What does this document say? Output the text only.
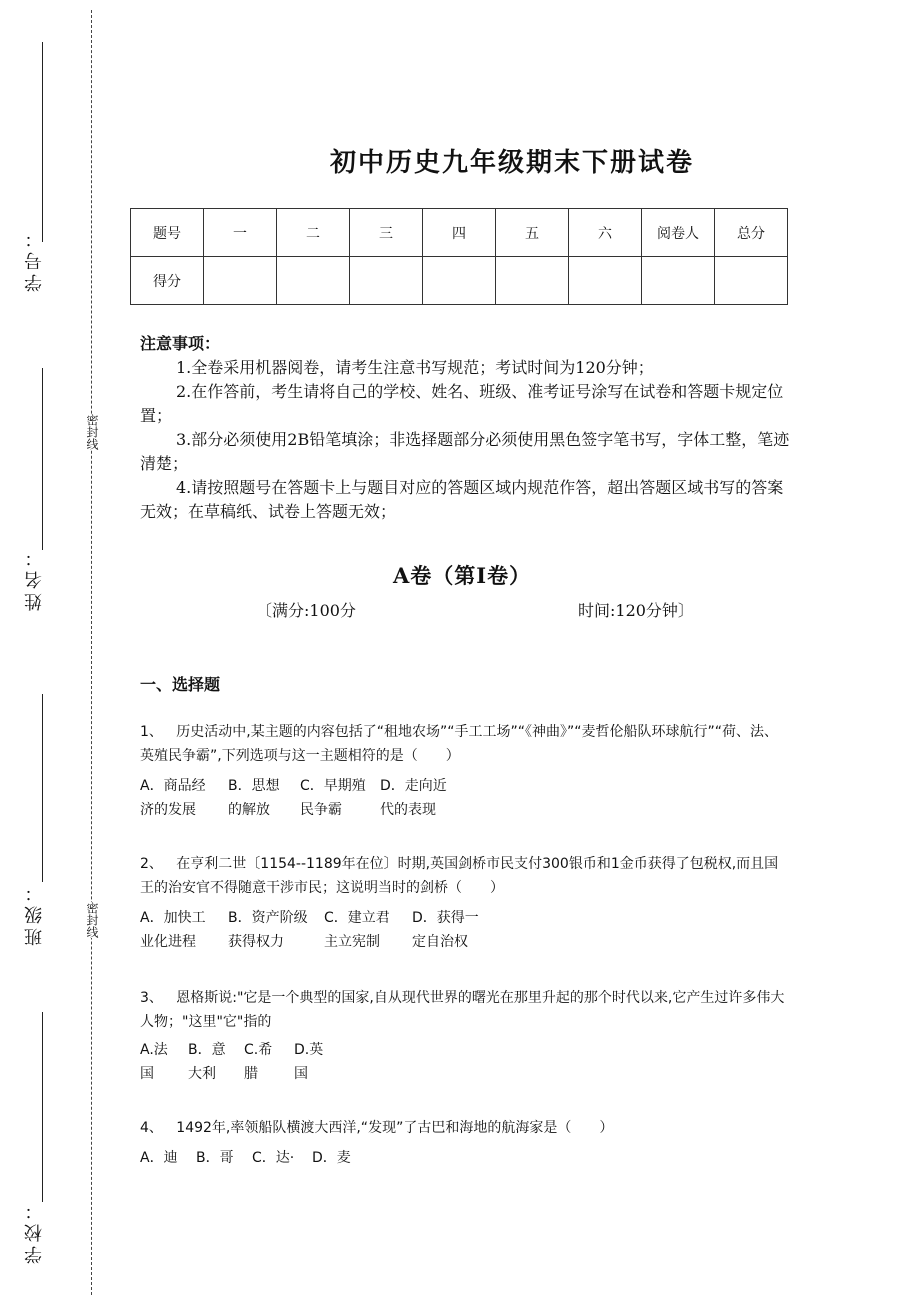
学号：
姓名：
班级：
学校：
密封线
密封线
初中历史九年级期末下册试卷
题号	一	二	三	四	五	六	阅卷人	总分
得分								

注意事项：

1.全卷采用机器阅卷，请考生注意书写规范；考试时间为120分钟；

2.在作答前，考生请将自己的学校、姓名、班级、准考证号涂写在试卷和答题卡规定位置；

3.部分必须使用2B铅笔填涂；非选择题部分必须使用黑色签字笔书写，字体工整，笔迹清楚；

4.请按照题号在答题卡上与题目对应的答题区域内规范作答，超出答题区域书写的答案无效；在草稿纸、试卷上答题无效；

A卷（第I卷）
〔满分:100分	时间:120分钟〕
一、选择题
1、 历史活动中,某主题的内容包括了“租地农场”“手工工场”“《神曲》”“麦哲伦船队环球航行”“荷、法、英殖民争霸”,下列选项与这一主题相符的是（　　）
A．商品经
济的发展
B．思想
的解放
C．早期殖
民争霸
D．走向近
代的表现
2、 在亨利二世〔1154--1189年在位〕时期,英国剑桥市民支付300银币和1金币获得了包税权,而且国王的治安官不得随意干涉市民；这说明当时的剑桥（　　）
A．加快工
业化进程
B．资产阶级
获得权力
C．建立君
主立宪制
D．获得一
定自治权
3、 恩格斯说:"它是一个典型的国家,自从现代世界的曙光在那里升起的那个时代以来,它产生过许多伟大人物；"这里"它"指的
A.法
国
B．意
大利
C.希
腊
D.英
国
4、 1492年,率领船队横渡大西洋,“发现”了古巴和海地的航海家是（　　）
A．迪 B．哥 C．达· D．麦
